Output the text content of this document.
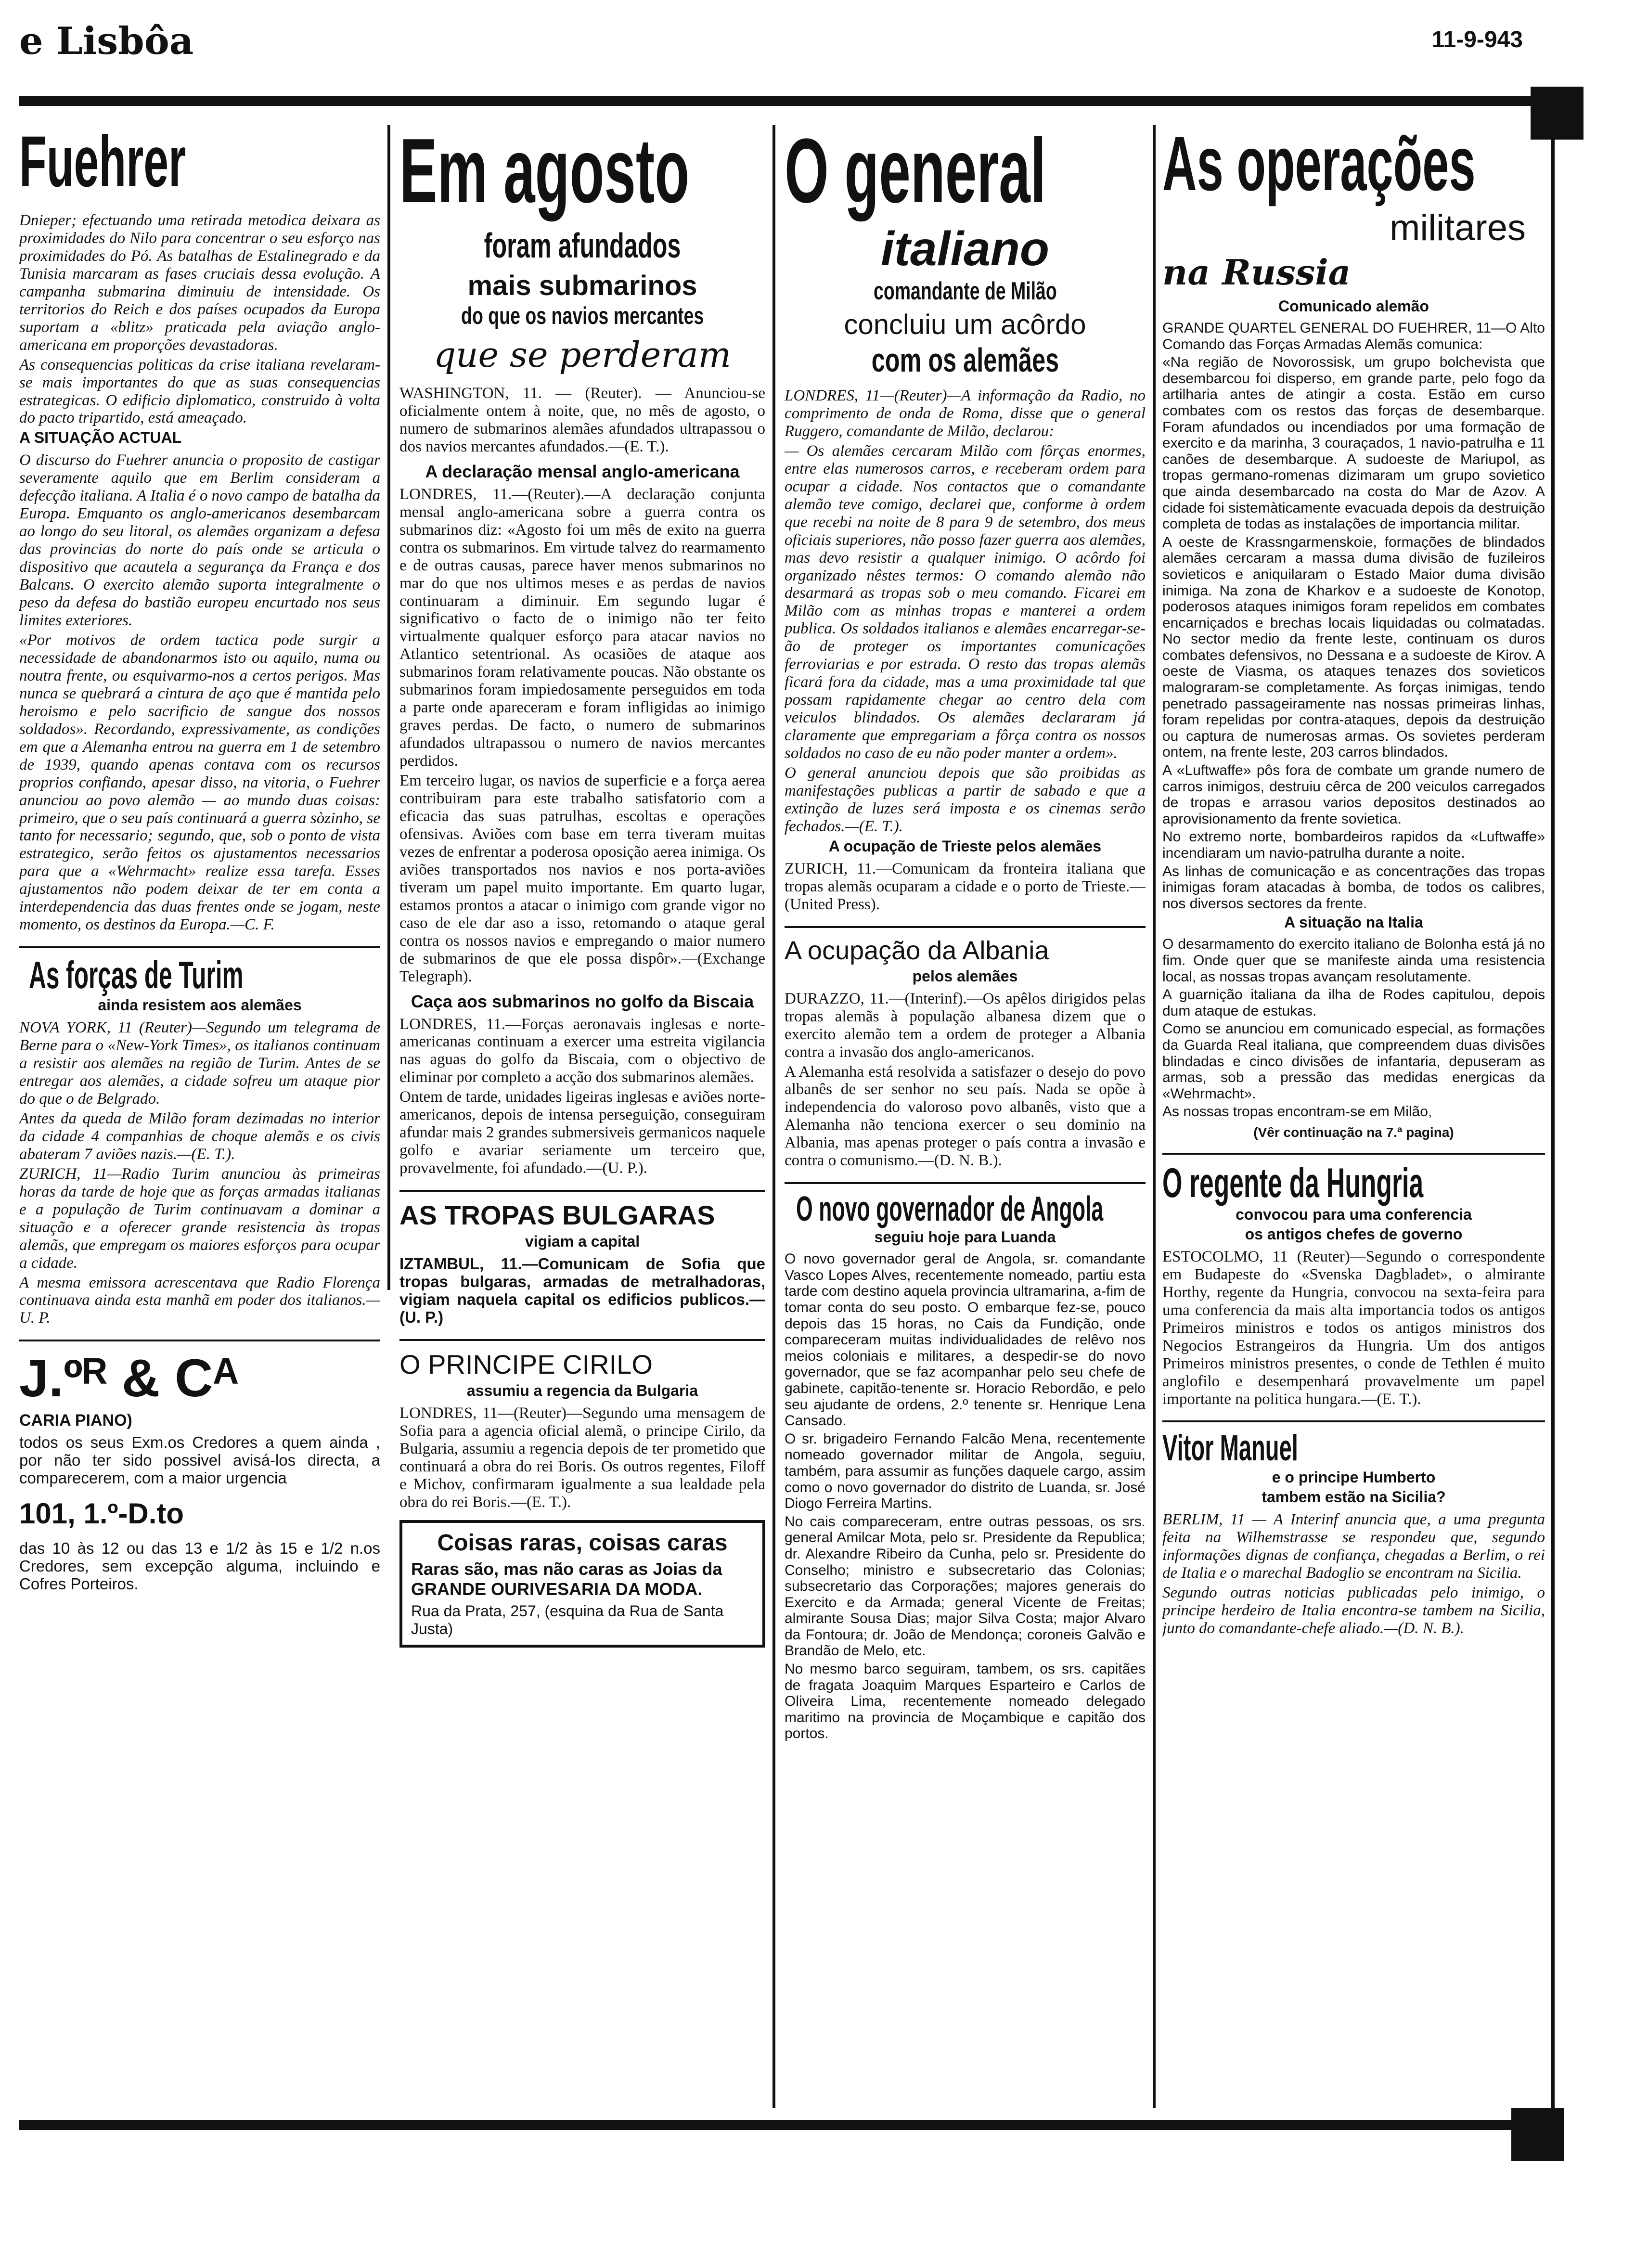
e Lisbôa	11-9-943
Fuehrer

Dnieper; efectuando uma retirada metodica deixara as proximidades do Nilo para concentrar o seu esforço nas proximidades do Pó. As batalhas de Estalinegrado e da Tunisia marcaram as fases cruciais dessa evolução. A campanha submarina diminuiu de intensidade. Os territorios do Reich e dos países ocupados da Europa suportam a «blitz» praticada pela aviação anglo-americana em proporções devastadoras.

As consequencias politicas da crise italiana revelaram-se mais importantes do que as suas consequencias estrategicas. O edificio diplomatico, construido à volta do pacto tripartido, está ameaçado.

A SITUAÇÃO ACTUAL

O discurso do Fuehrer anuncia o proposito de castigar severamente aquilo que em Berlim consideram a defecção italiana. A Italia é o novo campo de batalha da Europa. Emquanto os anglo-americanos desembarcam ao longo do seu litoral, os alemães organizam a defesa das provincias do norte do país onde se articula o dispositivo que acautela a segurança da França e dos Balcans. O exercito alemão suporta integralmente o peso da defesa do bastião europeu encurtado nos seus limites exteriores.

«Por motivos de ordem tactica pode surgir a necessidade de abandonarmos isto ou aquilo, numa ou noutra frente, ou esquivarmo-nos a certos perigos. Mas nunca se quebrará a cintura de aço que é mantida pelo heroismo e pelo sacrificio de sangue dos nossos soldados». Recordando, expressivamente, as condições em que a Alemanha entrou na guerra em 1 de setembro de 1939, quando apenas contava com os recursos proprios confiando, apesar disso, na vitoria, o Fuehrer anunciou ao povo alemão — ao mundo duas coisas: primeiro, que o seu país continuará a guerra sòzinho, se tanto for necessario; segundo, que, sob o ponto de vista estrategico, serão feitos os ajustamentos necessarios para que a «Wehrmacht» realize essa tarefa. Esses ajustamentos não podem deixar de ter em conta a interdependencia das duas frentes onde se jogam, neste momento, os destinos da Europa.—C. F.

As forças de Turim
ainda resistem aos alemães

NOVA YORK, 11 (Reuter)—Segundo um telegrama de Berne para o «New-York Times», os italianos continuam a resistir aos alemães na região de Turim. Antes de se entregar aos alemães, a cidade sofreu um ataque pior do que o de Belgrado.

Antes da queda de Milão foram dezimadas no interior da cidade 4 companhias de choque alemãs e os civis abateram 7 aviões nazis.—(E. T.).

ZURICH, 11—Radio Turim anunciou às primeiras horas da tarde de hoje que as forças armadas italianas e a população de Turim continuavam a dominar a situação e a oferecer grande resistencia às tropas alemãs, que empregam os maiores esforços para ocupar a cidade.

A mesma emissora acrescentava que Radio Florença continuava ainda esta manhã em poder dos italianos.—U. P.

J.ºᴿ & Cᴬ
CARIA PIANO)

todos os seus Exm.os Credores a quem ainda , por não ter sido possivel avisá-los directa, a comparecerem, com a maior urgencia

101, 1.º-D.to

das 10 às 12 ou das 13 e 1/2 às 15 e 1/2 n.os Credores, sem excepção alguma, incluindo e Cofres Porteiros.

Em agosto
foram afundados
mais submarinos
do que os navios mercantes
que se perderam

WASHINGTON, 11. — (Reuter). — Anunciou-se oficialmente ontem à noite, que, no mês de agosto, o numero de submarinos alemães afundados ultrapassou o dos navios mercantes afundados.—(E. T.).

A declaração mensal anglo-americana

LONDRES, 11.—(Reuter).—A declaração conjunta mensal anglo-americana sobre a guerra contra os submarinos diz: «Agosto foi um mês de exito na guerra contra os submarinos. Em virtude talvez do rearmamento e de outras causas, parece haver menos submarinos no mar do que nos ultimos meses e as perdas de navios continuaram a diminuir. Em segundo lugar é significativo o facto de o inimigo não ter feito virtualmente qualquer esforço para atacar navios no Atlantico setentrional. As ocasiões de ataque aos submarinos foram relativamente poucas. Não obstante os submarinos foram impiedosamente perseguidos em toda a parte onde apareceram e foram infligidas ao inimigo graves perdas. De facto, o numero de submarinos afundados ultrapassou o numero de navios mercantes perdidos.

Em terceiro lugar, os navios de superficie e a força aerea contribuiram para este trabalho satisfatorio com a eficacia das suas patrulhas, escoltas e operações ofensivas. Aviões com base em terra tiveram muitas vezes de enfrentar a poderosa oposição aerea inimiga. Os aviões transportados nos navios e nos porta-aviões tiveram um papel muito importante. Em quarto lugar, estamos prontos a atacar o inimigo com grande vigor no caso de ele dar aso a isso, retomando o ataque geral contra os nossos navios e empregando o maior numero de submarinos de que ele possa dispôr».—(Exchange Telegraph).

Caça aos submarinos no golfo da Biscaia

LONDRES, 11.—Forças aeronavais inglesas e norte-americanas continuam a exercer uma estreita vigilancia nas aguas do golfo da Biscaia, com o objectivo de eliminar por completo a acção dos submarinos alemães.

Ontem de tarde, unidades ligeiras inglesas e aviões norte-americanos, depois de intensa perseguição, conseguiram afundar mais 2 grandes submersiveis germanicos naquele golfo e avariar seriamente um terceiro que, provavelmente, foi afundado.—(U. P.).

AS TROPAS BULGARAS
vigiam a capital

IZTAMBUL, 11.—Comunicam de Sofia que tropas bulgaras, armadas de metralhadoras, vigiam naquela capital os edificios publicos.—(U. P.)

O PRINCIPE CIRILO
assumiu a regencia da Bulgaria

LONDRES, 11—(Reuter)—Segundo uma mensagem de Sofia para a agencia oficial alemã, o principe Cirilo, da Bulgaria, assumiu a regencia depois de ter prometido que continuará a obra do rei Boris. Os outros regentes, Filoff e Michov, confirmaram igualmente a sua lealdade pela obra do rei Boris.—(E. T.).

Coisas raras, coisas caras
Raras são, mas não caras as Joias da GRANDE OURIVESARIA DA MODA.
Rua da Prata, 257, (esquina da Rua de Santa Justa)
O general
italiano
comandante de Milão
concluiu um acôrdo
com os alemães

LONDRES, 11—(Reuter)—A informação da Radio, no comprimento de onda de Roma, disse que o general Ruggero, comandante de Milão, declarou:

— Os alemães cercaram Milão com fôrças enormes, entre elas numerosos carros, e receberam ordem para ocupar a cidade. Nos contactos que o comandante alemão teve comigo, declarei que, conforme à ordem que recebi na noite de 8 para 9 de setembro, dos meus oficiais superiores, não posso fazer guerra aos alemães, mas devo resistir a qualquer inimigo. O acôrdo foi organizado nêstes termos: O comando alemão não desarmará as tropas sob o meu comando. Ficarei em Milão com as minhas tropas e manterei a ordem publica. Os soldados italianos e alemães encarregar-se-ão de proteger os importantes comunicações ferroviarias e por estrada. O resto das tropas alemãs ficará fora da cidade, mas a uma proximidade tal que possam rapidamente chegar ao centro dela com veiculos blindados. Os alemães declararam já claramente que empregariam a fôrça contra os nossos soldados no caso de eu não poder manter a ordem».

O general anunciou depois que são proibidas as manifestações publicas a partir de sabado e que a extinção de luzes será imposta e os cinemas serão fechados.—(E. T.).

A ocupação de Trieste pelos alemães

ZURICH, 11.—Comunicam da fronteira italiana que tropas alemãs ocuparam a cidade e o porto de Trieste.—(United Press).

A ocupação da Albania
pelos alemães

DURAZZO, 11.—(Interinf).—Os apêlos dirigidos pelas tropas alemãs à população albanesa dizem que o exercito alemão tem a ordem de proteger a Albania contra a invasão dos anglo-americanos.

A Alemanha está resolvida a satisfazer o desejo do povo albanês de ser senhor no seu país. Nada se opõe à independencia do valoroso povo albanês, visto que a Alemanha não tenciona exercer o seu dominio na Albania, mas apenas proteger o país contra a invasão e contra o comunismo.—(D. N. B.).

O novo governador de Angola
seguiu hoje para Luanda

O novo governador geral de Angola, sr. comandante Vasco Lopes Alves, recentemente nomeado, partiu esta tarde com destino aquela provincia ultramarina, a-fim de tomar conta do seu posto. O embarque fez-se, pouco depois das 15 horas, no Cais da Fundição, onde compareceram muitas individualidades de relêvo nos meios coloniais e militares, a despedir-se do novo governador, que se faz acompanhar pelo seu chefe de gabinete, capitão-tenente sr. Horacio Rebordão, e pelo seu ajudante de ordens, 2.º tenente sr. Henrique Lena Cansado.

O sr. brigadeiro Fernando Falcão Mena, recentemente nomeado governador militar de Angola, seguiu, também, para assumir as funções daquele cargo, assim como o novo governador do distrito de Luanda, sr. José Diogo Ferreira Martins.

No cais compareceram, entre outras pessoas, os srs. general Amilcar Mota, pelo sr. Presidente da Republica; dr. Alexandre Ribeiro da Cunha, pelo sr. Presidente do Conselho; ministro e subsecretario das Colonias; subsecretario das Corporações; majores generais do Exercito e da Armada; general Vicente de Freitas; almirante Sousa Dias; major Silva Costa; major Alvaro da Fontoura; dr. João de Mendonça; coroneis Galvão e Brandão de Melo, etc.

No mesmo barco seguiram, tambem, os srs. capitães de fragata Joaquim Marques Esparteiro e Carlos de Oliveira Lima, recentemente nomeado delegado maritimo na provincia de Moçambique e capitão dos portos.

As operações
militares
na Russia
Comunicado alemão

GRANDE QUARTEL GENERAL DO FUEHRER, 11—O Alto Comando das Forças Armadas Alemãs comunica:

«Na região de Novorossisk, um grupo bolchevista que desembarcou foi disperso, em grande parte, pelo fogo da artilharia antes de atingir a costa. Estão em curso combates com os restos das forças de desembarque. Foram afundados ou incendiados por uma formação de exercito e da marinha, 3 couraçados, 1 navio-patrulha e 11 canões de desembarque. A sudoeste de Mariupol, as tropas germano-romenas dizimaram um grupo sovietico que ainda desembarcado na costa do Mar de Azov. A cidade foi sistemàticamente evacuada depois da destruição completa de todas as instalações de importancia militar.

A oeste de Krassngarmenskoie, formações de blindados alemães cercaram a massa duma divisão de fuzileiros sovieticos e aniquilaram o Estado Maior duma divisão inimiga. Na zona de Kharkov e a sudoeste de Konotop, poderosos ataques inimigos foram repelidos em combates encarniçados e brechas locais liquidadas ou colmatadas. No sector medio da frente leste, continuam os duros combates defensivos, no Dessana e a sudoeste de Kirov. A oeste de Viasma, os ataques tenazes dos sovieticos malograram-se completamente. As forças inimigas, tendo penetrado passageiramente nas nossas primeiras linhas, foram repelidas por contra-ataques, depois da destruição ou captura de numerosas armas. Os sovietes perderam ontem, na frente leste, 203 carros blindados.

A «Luftwaffe» pôs fora de combate um grande numero de carros inimigos, destruiu cêrca de 200 veiculos carregados de tropas e arrasou varios depositos destinados ao aprovisionamento da frente sovietica.

No extremo norte, bombardeiros rapidos da «Luftwaffe» incendiaram um navio-patrulha durante a noite.

As linhas de comunicação e as concentrações das tropas inimigas foram atacadas à bomba, de todos os calibres, nos diversos sectores da frente.

A situação na Italia

O desarmamento do exercito italiano de Bolonha está já no fim. Onde quer que se manifeste ainda uma resistencia local, as nossas tropas avançam resolutamente.

A guarnição italiana da ilha de Rodes capitulou, depois dum ataque de estukas.

Como se anunciou em comunicado especial, as formações da Guarda Real italiana, que compreendem duas divisões blindadas e cinco divisões de infantaria, depuseram as armas, sob a pressão das medidas energicas da «Wehrmacht».

As nossas tropas encontram-se em Milão,

(Vêr continuação na 7.ª pagina)
O regente da Hungria
convocou para uma conferencia
os antigos chefes de governo

ESTOCOLMO, 11 (Reuter)—Segundo o correspondente em Budapeste do «Svenska Dagbladet», o almirante Horthy, regente da Hungria, convocou na sexta-feira para uma conferencia da mais alta importancia todos os antigos Primeiros ministros e todos os antigos ministros dos Negocios Estrangeiros da Hungria. Um dos antigos Primeiros ministros presentes, o conde de Tethlen é muito anglofilo e desempenhará provavelmente um papel importante na politica hungara.—(E. T.).

Vitor Manuel
e o principe Humberto
tambem estão na Sicilia?

BERLIM, 11 — A Interinf anuncia que, a uma pregunta feita na Wilhemstrasse se respondeu que, segundo informações dignas de confiança, chegadas a Berlim, o rei de Italia e o marechal Badoglio se encontram na Sicilia.

Segundo outras noticias publicadas pelo inimigo, o principe herdeiro de Italia encontra-se tambem na Sicilia, junto do comandante-chefe aliado.—(D. N. B.).
